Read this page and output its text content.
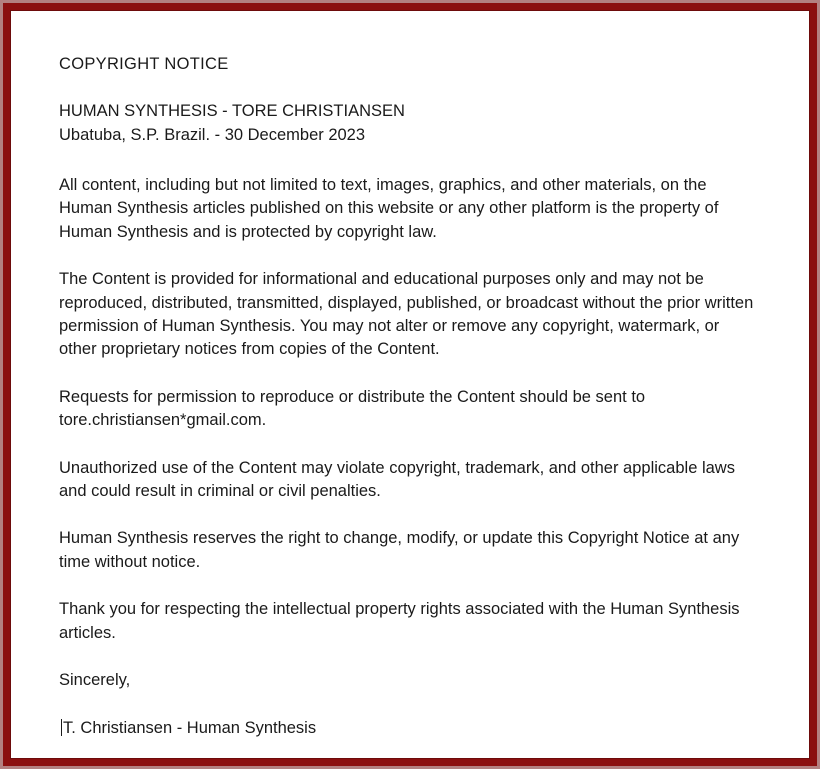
COPYRIGHT NOTICE
HUMAN SYNTHESIS - TORE CHRISTIANSEN
Ubatuba, S.P. Brazil. - 30 December 2023

All content, including but not limited to text, images, graphics, and other materials, on the Human Synthesis articles published on this website or any other platform is the property of Human Synthesis and is protected by copyright law.

The Content is provided for informational and educational purposes only and may not be reproduced, distributed, transmitted, displayed, published, or broadcast without the prior written permission of Human Synthesis. You may not alter or remove any copyright, watermark, or other proprietary notices from copies of the Content.

Requests for permission to reproduce or distribute the Content should be sent to tore.christiansen*gmail.com.

Unauthorized use of the Content may violate copyright, trademark, and other applicable laws and could result in criminal or civil penalties.

Human Synthesis reserves the right to change, modify, or update this Copyright Notice at any time without notice.

Thank you for respecting the intellectual property rights associated with the Human Synthesis articles.

Sincerely,

T. Christiansen - Human Synthesis
